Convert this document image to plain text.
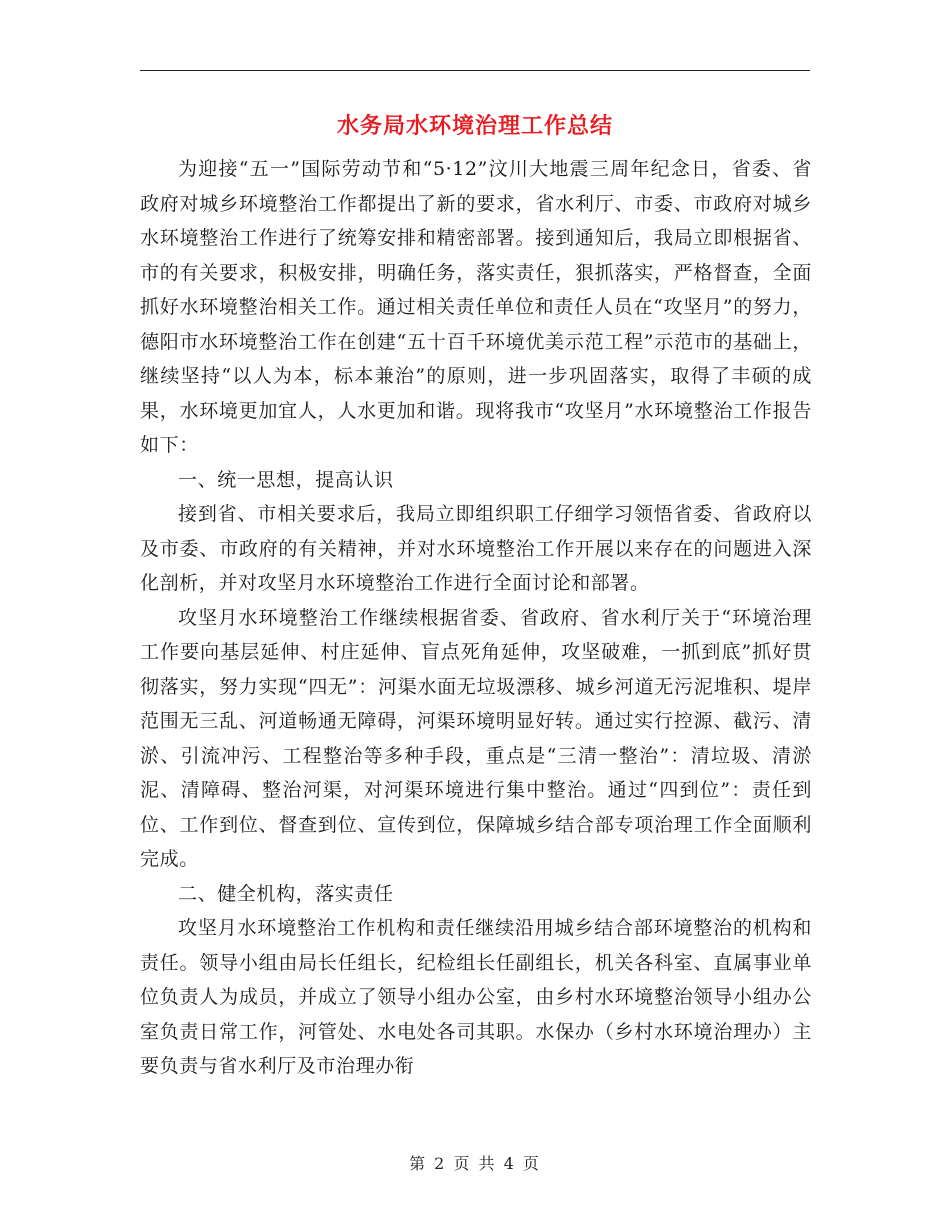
水务局水环境治理工作总结

为迎接“五一”国际劳动节和“5·12”汶川大地震三周年纪念日，省委、省政府对城乡环境整治工作都提出了新的要求，省水利厅、市委、市政府对城乡水环境整治工作进行了统筹安排和精密部署。接到通知后，我局立即根据省、市的有关要求，积极安排，明确任务，落实责任，狠抓落实，严格督查，全面抓好水环境整治相关工作。通过相关责任单位和责任人员在“攻坚月”的努力，德阳市水环境整治工作在创建“五十百千环境优美示范工程”示范市的基础上，继续坚持“以人为本，标本兼治”的原则，进一步巩固落实，取得了丰硕的成果，水环境更加宜人，人水更加和谐。现将我市“攻坚月”水环境整治工作报告如下：

一、统一思想，提高认识

接到省、市相关要求后，我局立即组织职工仔细学习领悟省委、省政府以及市委、市政府的有关精神，并对水环境整治工作开展以来存在的问题进入深化剖析，并对攻坚月水环境整治工作进行全面讨论和部署。

攻坚月水环境整治工作继续根据省委、省政府、省水利厅关于“环境治理工作要向基层延伸、村庄延伸、盲点死角延伸，攻坚破难，一抓到底”抓好贯彻落实，努力实现“四无”：河渠水面无垃圾漂移、城乡河道无污泥堆积、堤岸范围无三乱、河道畅通无障碍，河渠环境明显好转。通过实行控源、截污、清淤、引流冲污、工程整治等多种手段，重点是“三清一整治”：清垃圾、清淤泥、清障碍、整治河渠，对河渠环境进行集中整治。通过“四到位”：责任到位、工作到位、督查到位、宣传到位，保障城乡结合部专项治理工作全面顺利完成。

二、健全机构，落实责任

攻坚月水环境整治工作机构和责任继续沿用城乡结合部环境整治的机构和责任。领导小组由局长任组长，纪检组长任副组长，机关各科室、直属事业单位负责人为成员，并成立了领导小组办公室，由乡村水环境整治领导小组办公室负责日常工作，河管处、水电处各司其职。水保办（乡村水环境治理办）主要负责与省水利厅及市治理办衔

第 2 页 共 4 页
